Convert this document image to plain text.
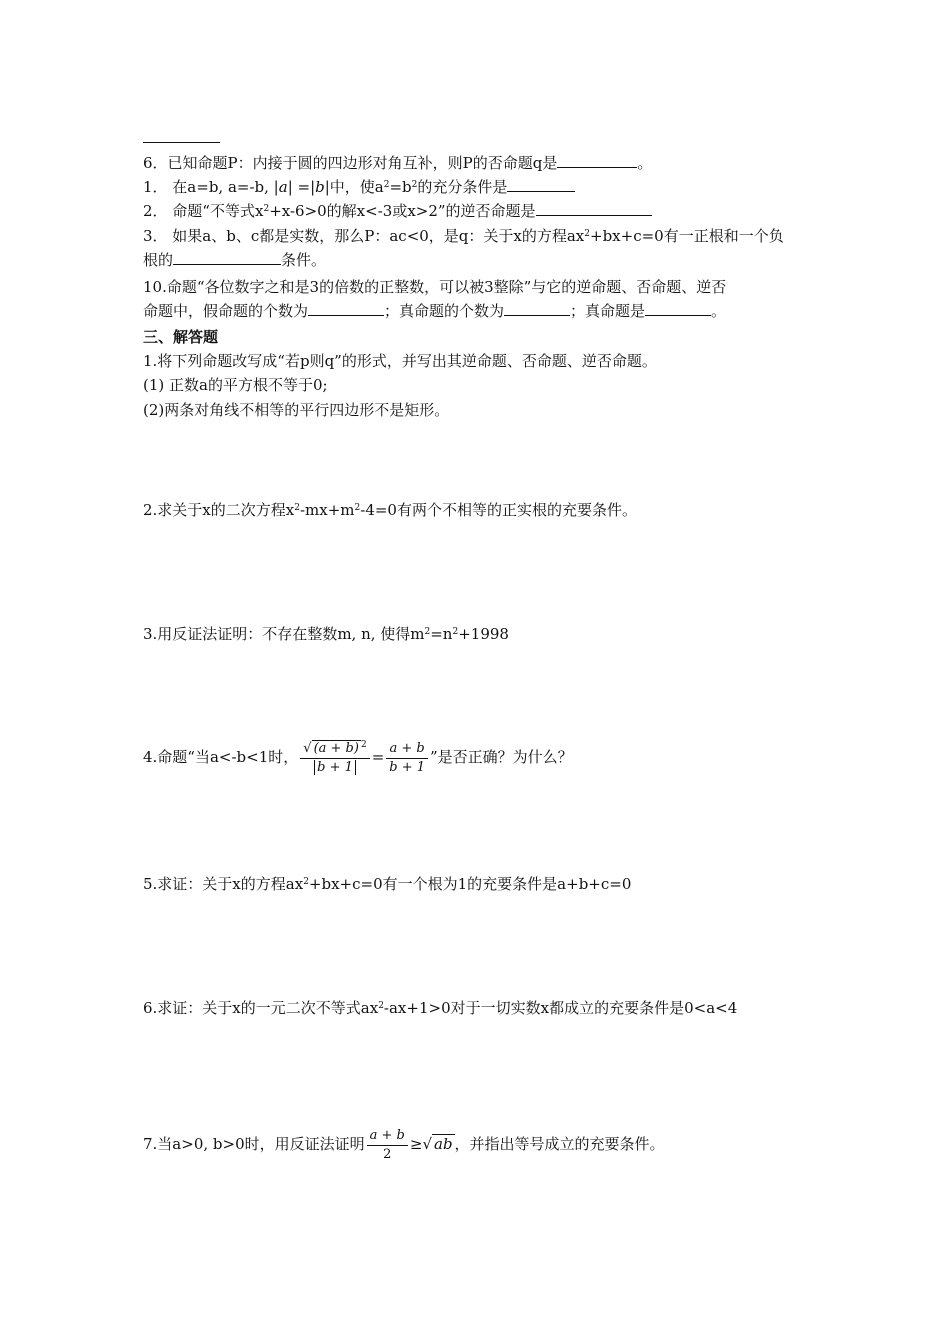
6．已知命题P：内接于圆的四边形对角互补，则P的否命题q是	。
1． 在a=b, a=-b, |a| =|b|中，使$a^2=b^2$的充分条件是
2． 命题“不等式$x^2+x-6>0$的解x<-3或x>2”的逆否命题是
3． 如果a、b、c都是实数，那么P：ac<0，是q：关于x的方程$ax^2+bx+c=0$有一正根和一个负
根的	条件。
10.命题“各位数字之和是3的倍数的正整数，可以被3整除”与它的逆命题、否命题、逆否
命题中，假命题的个数为	；真命题的个数为	；真命题是	。
三、解答题
1.将下列命题改写成“若p则q”的形式，并写出其逆命题、否命题、逆否命题。
(1) 正数a的平方根不等于0;
(2)两条对角线不相等的平行四边形不是矩形。
2.求关于x的二次方程$x^2-mx+m^2-4=0$有两个不相等的正实根的充要条件。
3.用反证法证明：不存在整数m, n, 使得$m^2=n^2+1998$
4.命题“当a<-b<1时， $\frac{√ (a + b) ^2}{b + 1} = \frac{a + b}{b + 1}$ ”是否正确？为什么？
5.求证：关于x的方程$ax^2+bx+c=0$有一个根为1的充要条件是a+b+c=0
6.求证：关于x的一元二次不等式$ax^2-ax+1>0$对于一切实数x都成立的充要条件是0<a<4
7.当a>0, b>0时，用反证法证明 $\frac{a + b}{2}$ ≥√ ab ，并指出等号成立的充要条件。
